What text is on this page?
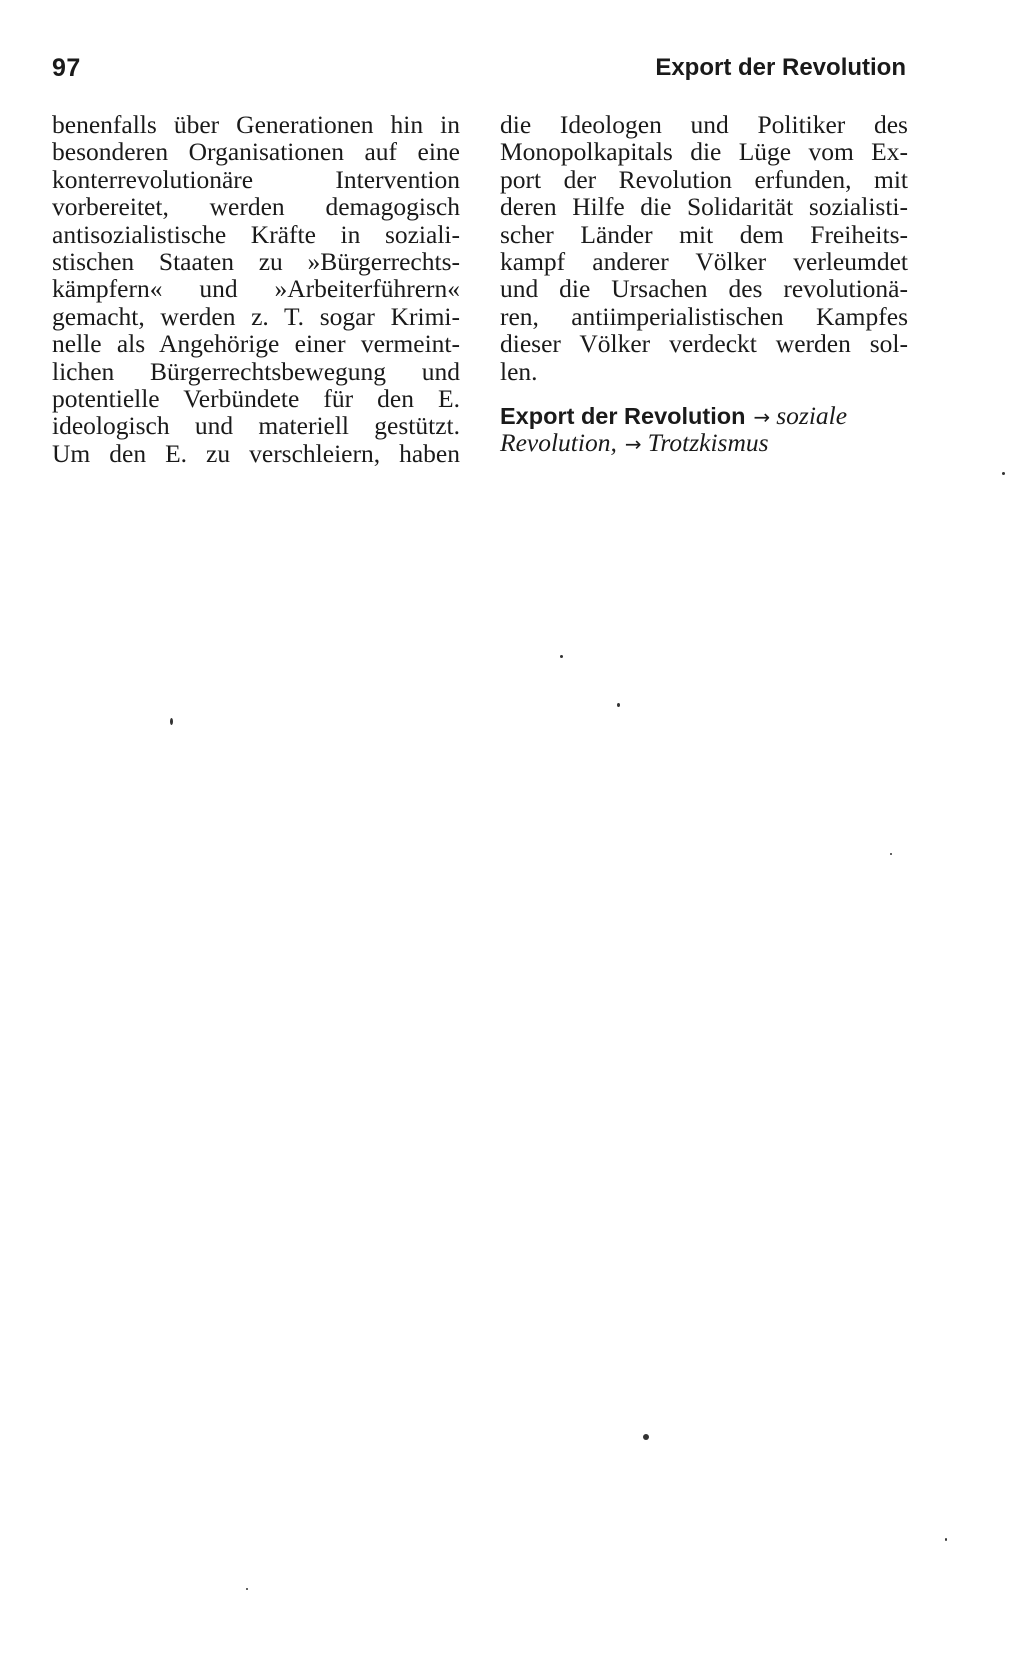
97	Export der Revolution
benenfalls über Generationen hin in
besonderen Organisationen auf eine
konterrevolutionäre Intervention
vorbereitet, werden demagogisch
antisozialistische Kräfte in soziali-
stischen Staaten zu »Bürgerrechts-
kämpfern« und »Arbeiterführern«
gemacht, werden z. T. sogar Krimi-
nelle als Angehörige einer vermeint-
lichen Bürgerrechtsbewegung und
potentielle Verbündete für den E.
ideologisch und materiell gestützt.
Um den E. zu verschleiern, haben
die Ideologen und Politiker des
Monopolkapitals die Lüge vom Ex-
port der Revolution erfunden, mit
deren Hilfe die Solidarität sozialisti-
scher Länder mit dem Freiheits-
kampf anderer Völker verleumdet
und die Ursachen des revolutionä-
ren, antiimperialistischen Kampfes
dieser Völker verdeckt werden sol-
len.
Export der Revolution → soziale
Revolution, → Trotzkismus
